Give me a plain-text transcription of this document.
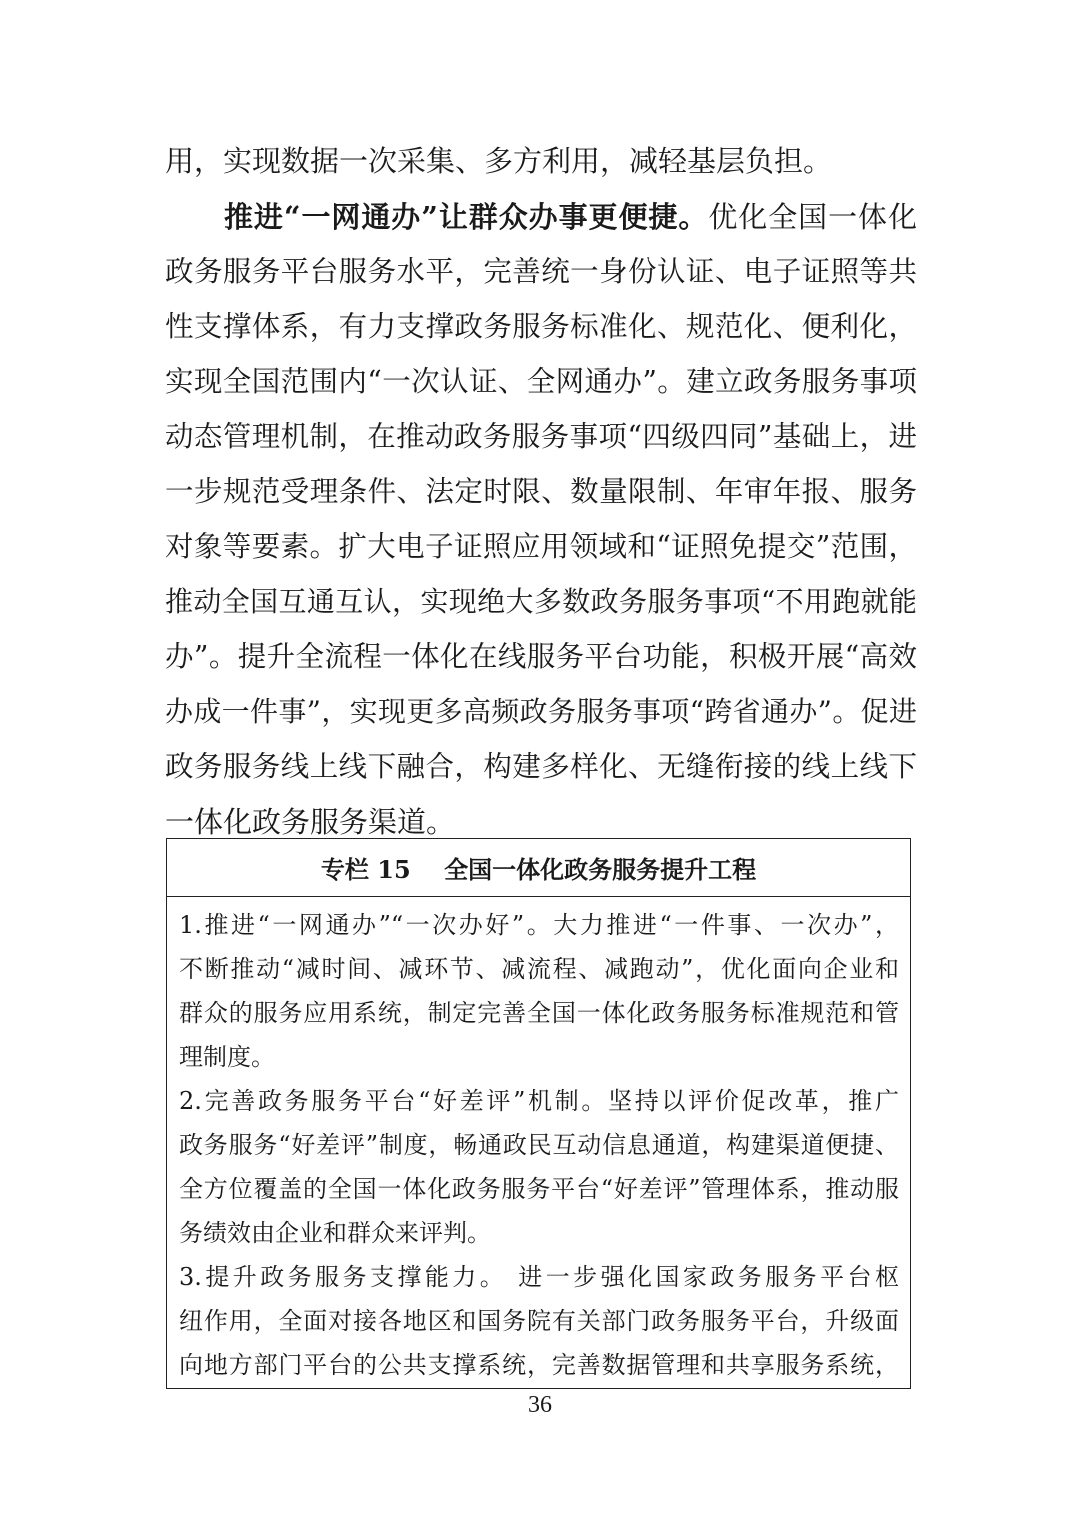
用，实现数据一次采集、多方利用，减轻基层负担。
推进“一网通办”让群众办事更便捷。优化全国一体化
政务服务平台服务水平，完善统一身份认证、电子证照等共
性支撑体系，有力支撑政务服务标准化、规范化、便利化，
实现全国范围内“一次认证、全网通办”。建立政务服务事项
动态管理机制，在推动政务服务事项“四级四同”基础上，进
一步规范受理条件、法定时限、数量限制、年审年报、服务
对象等要素。扩大电子证照应用领域和“证照免提交”范围，
推动全国互通互认，实现绝大多数政务服务事项“不用跑就能
办”。提升全流程一体化在线服务平台功能，积极开展“高效
办成一件事”，实现更多高频政务服务事项“跨省通办”。促进
政务服务线上线下融合，构建多样化、无缝衔接的线上线下
一体化政务服务渠道。
专栏 15    全国一体化政务服务提升工程
1.推进“一网通办”“一次办好”。大力推进“一件事、一次办”，
不断推动“减时间、减环节、减流程、减跑动”，优化面向企业和
群众的服务应用系统，制定完善全国一体化政务服务标准规范和管
理制度。
2.完善政务服务平台“好差评”机制。坚持以评价促改革，推广
政务服务“好差评”制度，畅通政民互动信息通道，构建渠道便捷、
全方位覆盖的全国一体化政务服务平台“好差评”管理体系，推动服
务绩效由企业和群众来评判。
3.提升政务服务支撑能力。 进一步强化国家政务服务平台枢
纽作用，全面对接各地区和国务院有关部门政务服务平台，升级面
向地方部门平台的公共支撑系统，完善数据管理和共享服务系统，
36
